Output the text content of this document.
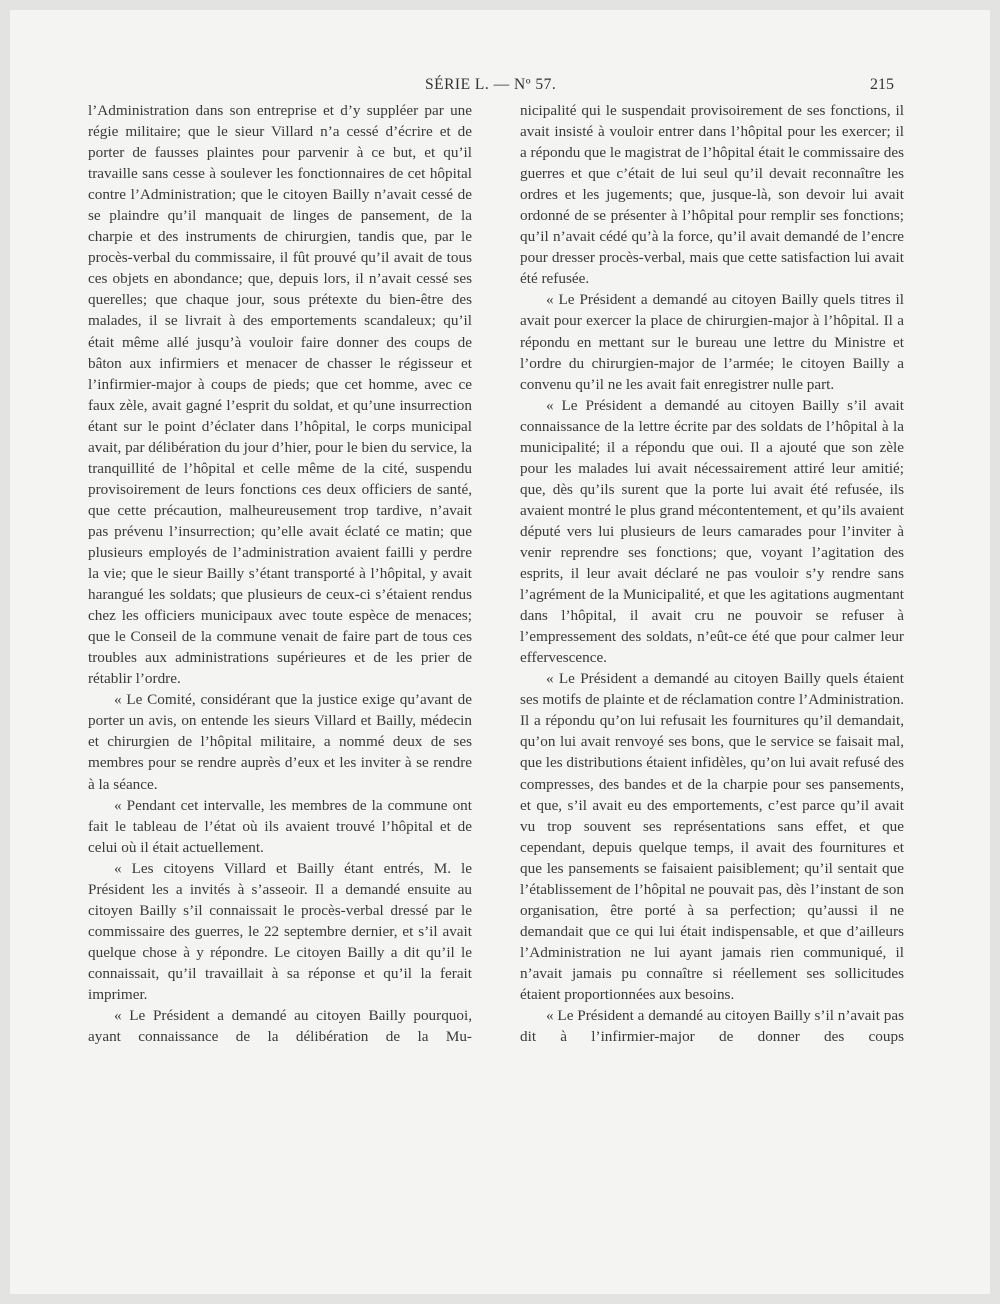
SÉRIE L. — Nº 57.	215

l’Administration dans son entreprise et d’y suppléer par une régie militaire; que le sieur Villard n’a cessé d’écrire et de porter de fausses plaintes pour parvenir à ce but, et qu’il travaille sans cesse à soulever les fonctionnaires de cet hôpital contre l’Administration; que le citoyen Bailly n’avait cessé de se plaindre qu’il manquait de linges de pansement, de la charpie et des instruments de chirurgien, tandis que, par le procès-verbal du commissaire, il fût prouvé qu’il avait de tous ces objets en abondance; que, depuis lors, il n’avait cessé ses querelles; que chaque jour, sous prétexte du bien-être des malades, il se livrait à des emportements scandaleux; qu’il était même allé jusqu’à vouloir faire donner des coups de bâton aux infirmiers et menacer de chasser le régisseur et l’infirmier-major à coups de pieds; que cet homme, avec ce faux zèle, avait gagné l’esprit du soldat, et qu’une insurrection étant sur le point d’éclater dans l’hôpital, le corps municipal avait, par délibération du jour d’hier, pour le bien du service, la tranquillité de l’hôpital et celle même de la cité, suspendu provisoirement de leurs fonctions ces deux officiers de santé, que cette précaution, malheureusement trop tardive, n’avait pas prévenu l’insurrection; qu’elle avait éclaté ce matin; que plusieurs employés de l’administration avaient failli y perdre la vie; que le sieur Bailly s’étant transporté à l’hôpital, y avait harangué les soldats; que plusieurs de ceux-ci s’étaient rendus chez les officiers municipaux avec toute espèce de menaces; que le Conseil de la commune venait de faire part de tous ces troubles aux administrations supérieures et de les prier de rétablir l’ordre.

« Le Comité, considérant que la justice exige qu’avant de porter un avis, on entende les sieurs Villard et Bailly, médecin et chirurgien de l’hôpital militaire, a nommé deux de ses membres pour se rendre auprès d’eux et les inviter à se rendre à la séance.

« Pendant cet intervalle, les membres de la commune ont fait le tableau de l’état où ils avaient trouvé l’hôpital et de celui où il était actuellement.

« Les citoyens Villard et Bailly étant entrés, M. le Président les a invités à s’asseoir. Il a demandé ensuite au citoyen Bailly s’il connaissait le procès-verbal dressé par le commissaire des guerres, le 22 septembre dernier, et s’il avait quelque chose à y répondre. Le citoyen Bailly a dit qu’il le connaissait, qu’il travaillait à sa réponse et qu’il la ferait imprimer.

« Le Président a demandé au citoyen Bailly pourquoi, ayant connaissance de la délibération de la Mu-

nicipalité qui le suspendait provisoirement de ses fonctions, il avait insisté à vouloir entrer dans l’hôpital pour les exercer; il a répondu que le magistrat de l’hôpital était le commissaire des guerres et que c’était de lui seul qu’il devait reconnaître les ordres et les jugements; que, jusque-là, son devoir lui avait ordonné de se présenter à l’hôpital pour remplir ses fonctions; qu’il n’avait cédé qu’à la force, qu’il avait demandé de l’encre pour dresser procès-verbal, mais que cette satisfaction lui avait été refusée.

« Le Président a demandé au citoyen Bailly quels titres il avait pour exercer la place de chirurgien-major à l’hôpital. Il a répondu en mettant sur le bureau une lettre du Ministre et l’ordre du chirurgien-major de l’armée; le citoyen Bailly a convenu qu’il ne les avait fait enregistrer nulle part.

« Le Président a demandé au citoyen Bailly s’il avait connaissance de la lettre écrite par des soldats de l’hôpital à la municipalité; il a répondu que oui. Il a ajouté que son zèle pour les malades lui avait nécessairement attiré leur amitié; que, dès qu’ils surent que la porte lui avait été refusée, ils avaient montré le plus grand mécontentement, et qu’ils avaient député vers lui plusieurs de leurs camarades pour l’inviter à venir reprendre ses fonctions; que, voyant l’agitation des esprits, il leur avait déclaré ne pas vouloir s’y rendre sans l’agrément de la Municipalité, et que les agitations augmentant dans l’hôpital, il avait cru ne pouvoir se refuser à l’empressement des soldats, n’eût-ce été que pour calmer leur effervescence.

« Le Président a demandé au citoyen Bailly quels étaient ses motifs de plainte et de réclamation contre l’Administration. Il a répondu qu’on lui refusait les fournitures qu’il demandait, qu’on lui avait renvoyé ses bons, que le service se faisait mal, que les distributions étaient infidèles, qu’on lui avait refusé des compresses, des bandes et de la charpie pour ses pansements, et que, s’il avait eu des emportements, c’est parce qu’il avait vu trop souvent ses représentations sans effet, et que cependant, depuis quelque temps, il avait des fournitures et que les pansements se faisaient paisiblement; qu’il sentait que l’établissement de l’hôpital ne pouvait pas, dès l’instant de son organisation, être porté à sa perfection; qu’aussi il ne demandait que ce qui lui était indispensable, et que d’ailleurs l’Administration ne lui ayant jamais rien communiqué, il n’avait jamais pu connaître si réellement ses sollicitudes étaient proportionnées aux besoins.

« Le Président a demandé au citoyen Bailly s’il n’avait pas dit à l’infirmier-major de donner des coups
